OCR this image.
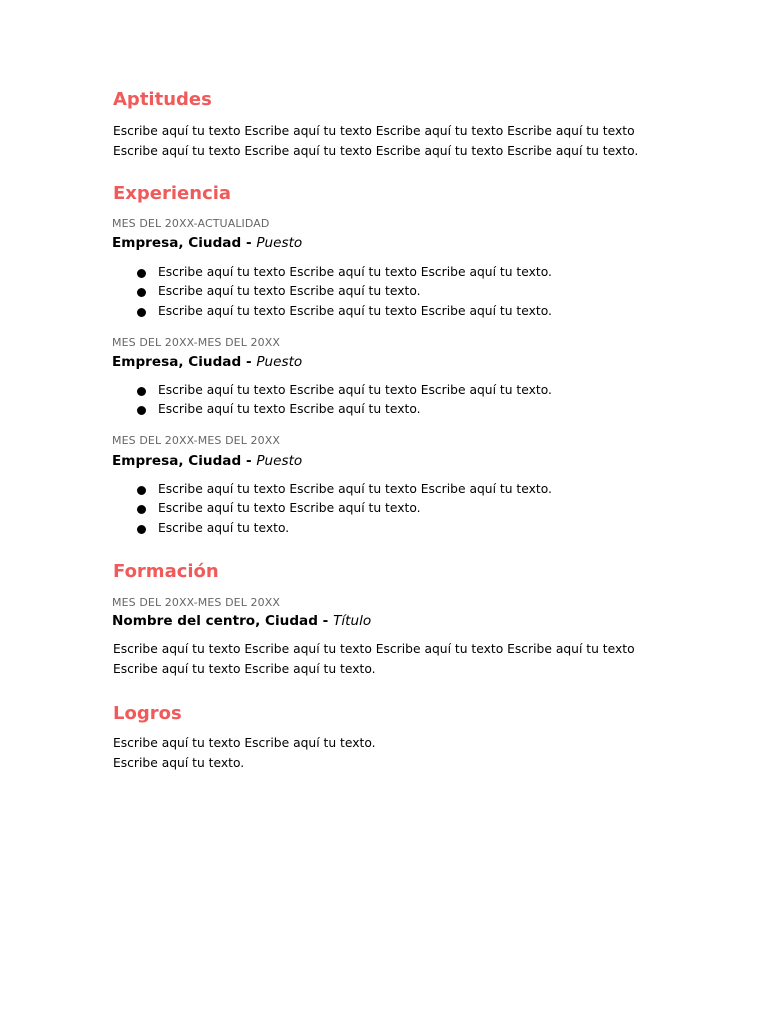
Aptitudes
Escribe aquí tu texto Escribe aquí tu texto Escribe aquí tu texto Escribe aquí tu texto
Escribe aquí tu texto Escribe aquí tu texto Escribe aquí tu texto Escribe aquí tu texto.
Experiencia
MES DEL 20XX-ACTUALIDAD
Empresa, Ciudad - Puesto
Escribe aquí tu texto Escribe aquí tu texto Escribe aquí tu texto.
Escribe aquí tu texto Escribe aquí tu texto.
Escribe aquí tu texto Escribe aquí tu texto Escribe aquí tu texto.
MES DEL 20XX-MES DEL 20XX
Empresa, Ciudad - Puesto
Escribe aquí tu texto Escribe aquí tu texto Escribe aquí tu texto.
Escribe aquí tu texto Escribe aquí tu texto.
MES DEL 20XX-MES DEL 20XX
Empresa, Ciudad - Puesto
Escribe aquí tu texto Escribe aquí tu texto Escribe aquí tu texto.
Escribe aquí tu texto Escribe aquí tu texto.
Escribe aquí tu texto.
Formación
MES DEL 20XX-MES DEL 20XX
Nombre del centro, Ciudad - Título
Escribe aquí tu texto Escribe aquí tu texto Escribe aquí tu texto Escribe aquí tu texto
Escribe aquí tu texto Escribe aquí tu texto.
Logros
Escribe aquí tu texto Escribe aquí tu texto.
Escribe aquí tu texto.
